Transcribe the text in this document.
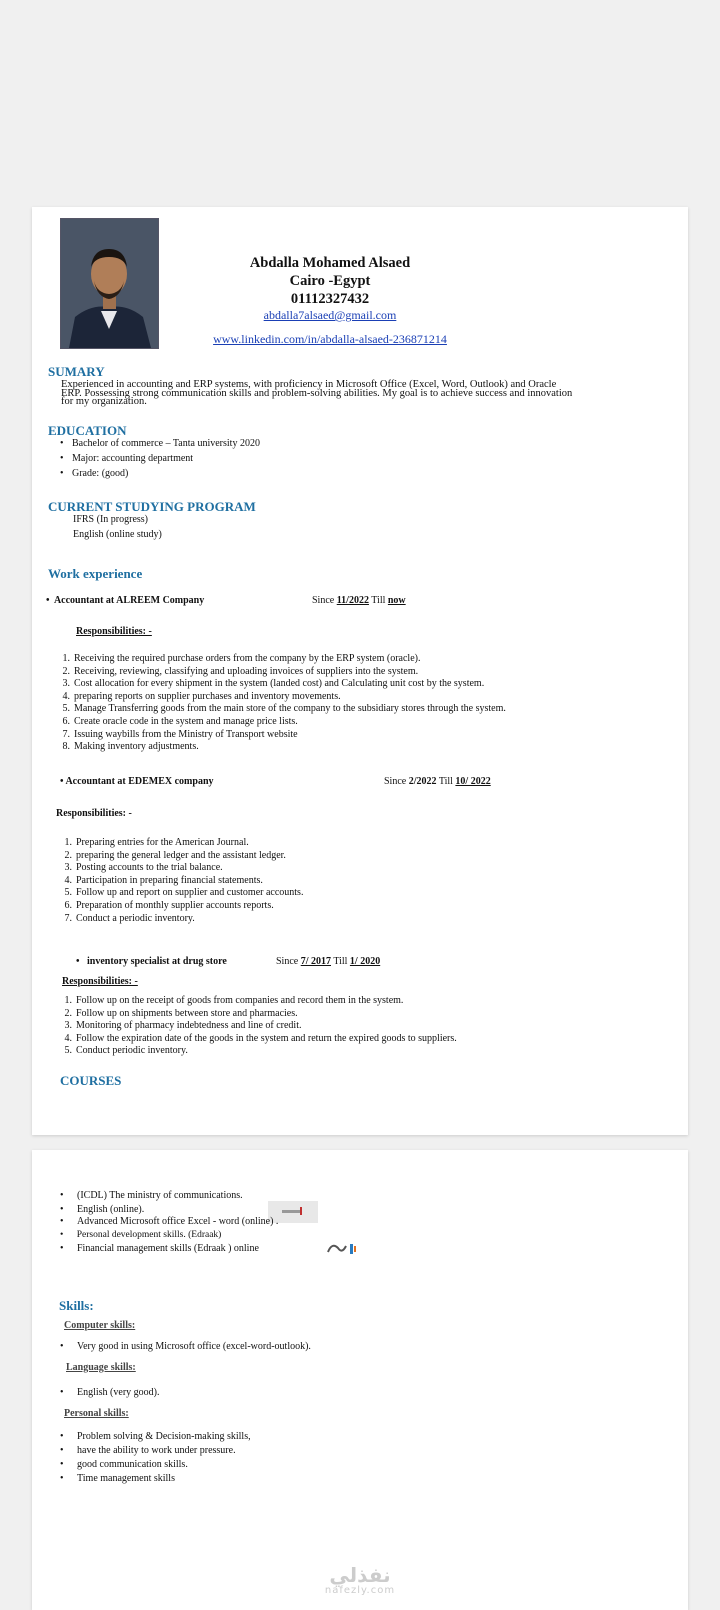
Abdalla Mohamed Alsaed
Cairo -Egypt
01112327432
abdalla7alsaed@gmail.com
www.linkedin.com/in/abdalla-alsaed-236871214
SUMARY
Experienced in accounting and ERP systems, with proficiency in Microsoft Office (Excel, Word, Outlook) and Oracle
ERP. Possessing strong communication skills and problem-solving abilities. My goal is to achieve success and innovation
for my organization.
EDUCATION
• Bachelor of commerce – Tanta university 2020
• Major: accounting department
• Grade: (good)
CURRENT STUDYING PROGRAM
IFRS (In progress)
English (online study)
Work experience
•  Accountant at ALREEM Company	Since 11/2022 Till now
Responsibilities: -
1. Receiving the required purchase orders from the company by the ERP system (oracle).
2. Receiving, reviewing, classifying and uploading invoices of suppliers into the system.
3. Cost allocation for every shipment in the system (landed cost) and Calculating unit cost by the system.
4. preparing reports on supplier purchases and inventory movements.
5. Manage Transferring goods from the main store of the company to the subsidiary stores through the system.
6. Create oracle code in the system and manage price lists.
7. Issuing waybills from the Ministry of Transport website
8. Making inventory adjustments.
• Accountant at EDEMEX company	Since 2/2022 Till 10/ 2022
Responsibilities: -
1. Preparing entries for the American Journal.
2. preparing the general ledger and the assistant ledger.
3. Posting accounts to the trial balance.
4. Participation in preparing financial statements.
5. Follow up and report on supplier and customer accounts.
6. Preparation of monthly supplier accounts reports.
7. Conduct a periodic inventory.
•   inventory specialist at drug store	Since 7/ 2017 Till 1/ 2020
Responsibilities: -
1. Follow up on the receipt of goods from companies and record them in the system.
2. Follow up on shipments between store and pharmacies.
3. Monitoring of pharmacy indebtedness and line of credit.
4. Follow the expiration date of the goods in the system and return the expired goods to suppliers.
5. Conduct periodic inventory.
COURSES
• (ICDL) The ministry of communications.
• English (online).
• Advanced Microsoft office Excel - word (online) .
• Personal development skills. (Edraak)
• Financial management skills (Edraak ) online
Skills:
Computer skills:
• Very good in using Microsoft office (excel-word-outlook).
Language skills:
• English (very good).
Personal skills:
• Problem solving & Decision-making skills,
• have the ability to work under pressure.
• good communication skills.
• Time management skills
نفذلي
nafezly.com
